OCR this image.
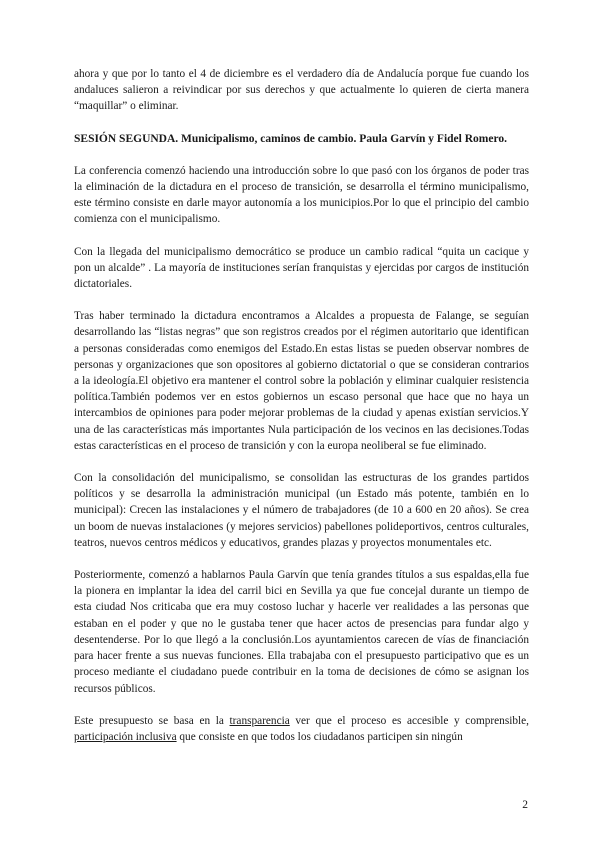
ahora y que por lo tanto el 4 de diciembre es el verdadero día de Andalucía porque fue cuando los andaluces salieron a reivindicar por sus derechos y que actualmente lo quieren de cierta manera “maquillar” o eliminar.

SESIÓN SEGUNDA. Municipalismo, caminos de cambio. Paula Garvín y Fidel Romero.

La conferencia comenzó haciendo una introducción sobre lo que pasó con los órganos de poder tras la eliminación de la dictadura en el proceso de transición, se desarrolla el término municipalismo, este término consiste en darle mayor autonomía a los municipios.Por lo que el principio del cambio comienza con el municipalismo.

Con la llegada del municipalismo democrático se produce un cambio radical “quita un cacique y pon un alcalde” . La mayoría de instituciones serían franquistas y ejercidas por cargos de institución dictatoriales.

Tras haber terminado la dictadura encontramos a Alcaldes a propuesta de Falange, se seguían desarrollando las “listas negras” que son registros creados por el régimen autoritario que identifican a personas consideradas como enemigos del Estado.En estas listas se pueden observar nombres de personas y organizaciones que son opositores al gobierno dictatorial o que se consideran contrarios a la ideología.El objetivo era mantener el control sobre la población y eliminar cualquier resistencia política.También podemos ver en estos gobiernos un escaso personal que hace que no haya un intercambios de opiniones para poder mejorar problemas de la ciudad y apenas existían servicios.Y una de las características más importantes Nula participación de los vecinos en las decisiones.Todas estas características en el proceso de transición y con la europa neoliberal se fue eliminado.

Con la consolidación del municipalismo, se consolidan las estructuras de los grandes partidos políticos y se desarrolla la administración municipal (un Estado más potente, también en lo municipal): Crecen las instalaciones y el número de trabajadores (de 10 a 600 en 20 años). Se crea un boom de nuevas instalaciones (y mejores servicios) pabellones polideportivos, centros culturales, teatros, nuevos centros médicos y educativos, grandes plazas y proyectos monumentales etc.

Posteriormente, comenzó a hablarnos Paula Garvín que tenía grandes títulos a sus espaldas,ella fue la pionera en implantar la idea del carril bici en Sevilla ya que fue concejal durante un tiempo de esta ciudad Nos criticaba que era muy costoso luchar y hacerle ver realidades a las personas que estaban en el poder y que no le gustaba tener que hacer actos de presencias para fundar algo y desentenderse. Por lo que llegó a la conclusión.Los ayuntamientos carecen de vías de financiación para hacer frente a sus nuevas funciones. Ella trabajaba con el presupuesto participativo que es un proceso mediante el ciudadano puede contribuir en la toma de decisiones de cómo se asignan los recursos públicos.

Este presupuesto se basa en la transparencia ver que el proceso es accesible y comprensible, participación inclusiva que consiste en que todos los ciudadanos participen sin ningún

2
